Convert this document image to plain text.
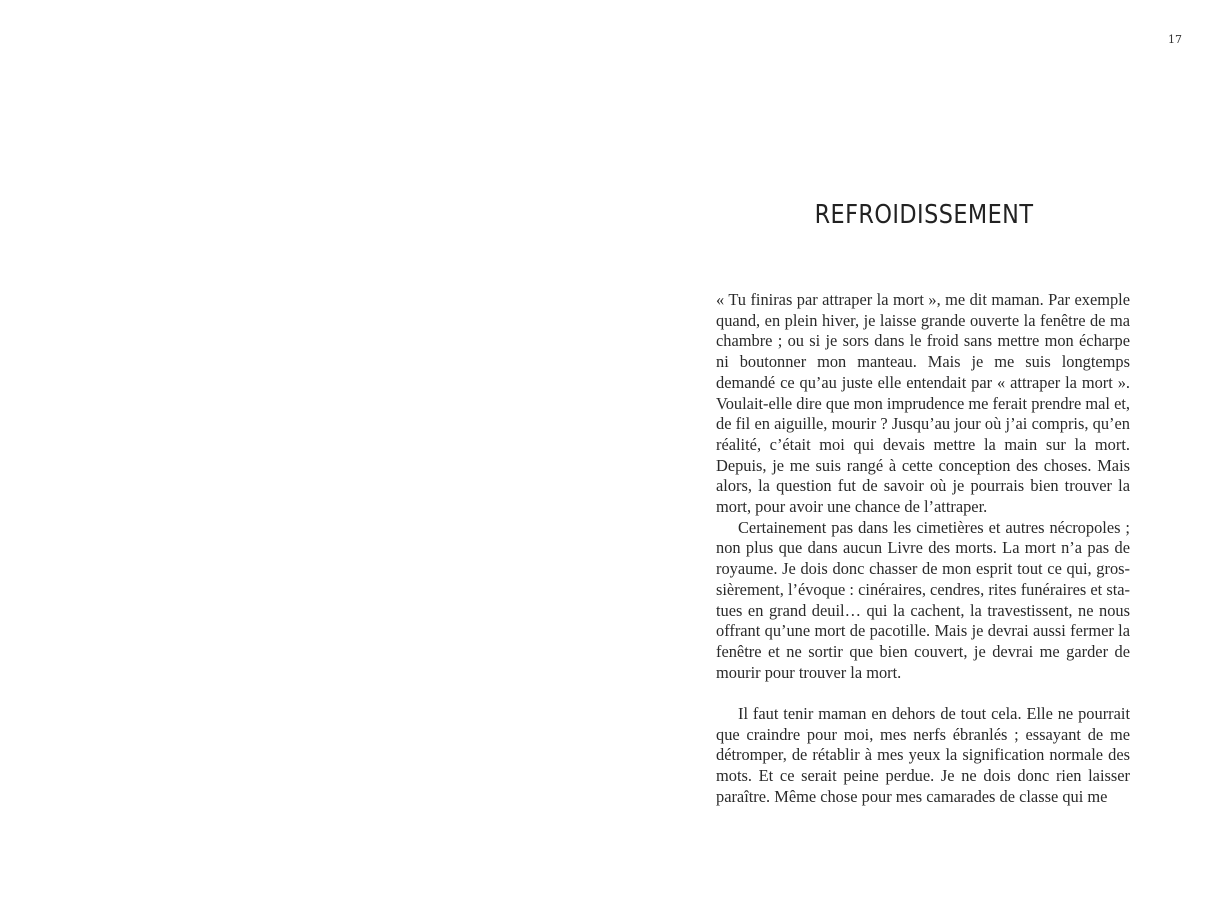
17
REFROIDISSEMENT

« Tu finiras par attraper la mort », me dit maman. Par exemple quand, en plein hiver, je laisse grande ouverte la fenêtre de ma chambre ; ou si je sors dans le froid sans mettre mon écharpe ni boutonner mon manteau. Mais je me suis longtemps demandé ce qu’au juste elle entendait par « attraper la mort ». Voulait-elle dire que mon imprudence me ferait prendre mal et, de fil en aiguille, mourir ? Jusqu’au jour où j’ai compris, qu’en réalité, c’était moi qui devais mettre la main sur la mort. Depuis, je me suis rangé à cette conception des choses. Mais alors, la question fut de savoir où je pourrais bien trouver la mort, pour avoir une chance de l’attraper.

Certainement pas dans les cimetières et autres nécropoles ; non plus que dans aucun Livre des morts. La mort n’a pas de royaume. Je dois donc chasser de mon esprit tout ce qui, grossièrement, l’évoque : cinéraires, cendres, rites funéraires et statues en grand deuil… qui la cachent, la travestissent, ne nous offrant qu’une mort de pacotille. Mais je devrai aussi fermer la fenêtre et ne sortir que bien couvert, je devrai me garder de mourir pour trouver la mort.

Il faut tenir maman en dehors de tout cela. Elle ne pourrait que craindre pour moi, mes nerfs ébranlés ; essayant de me détromper, de rétablir à mes yeux la signification normale des mots. Et ce serait peine perdue. Je ne dois donc rien laisser paraître. Même chose pour mes camarades de classe qui me
